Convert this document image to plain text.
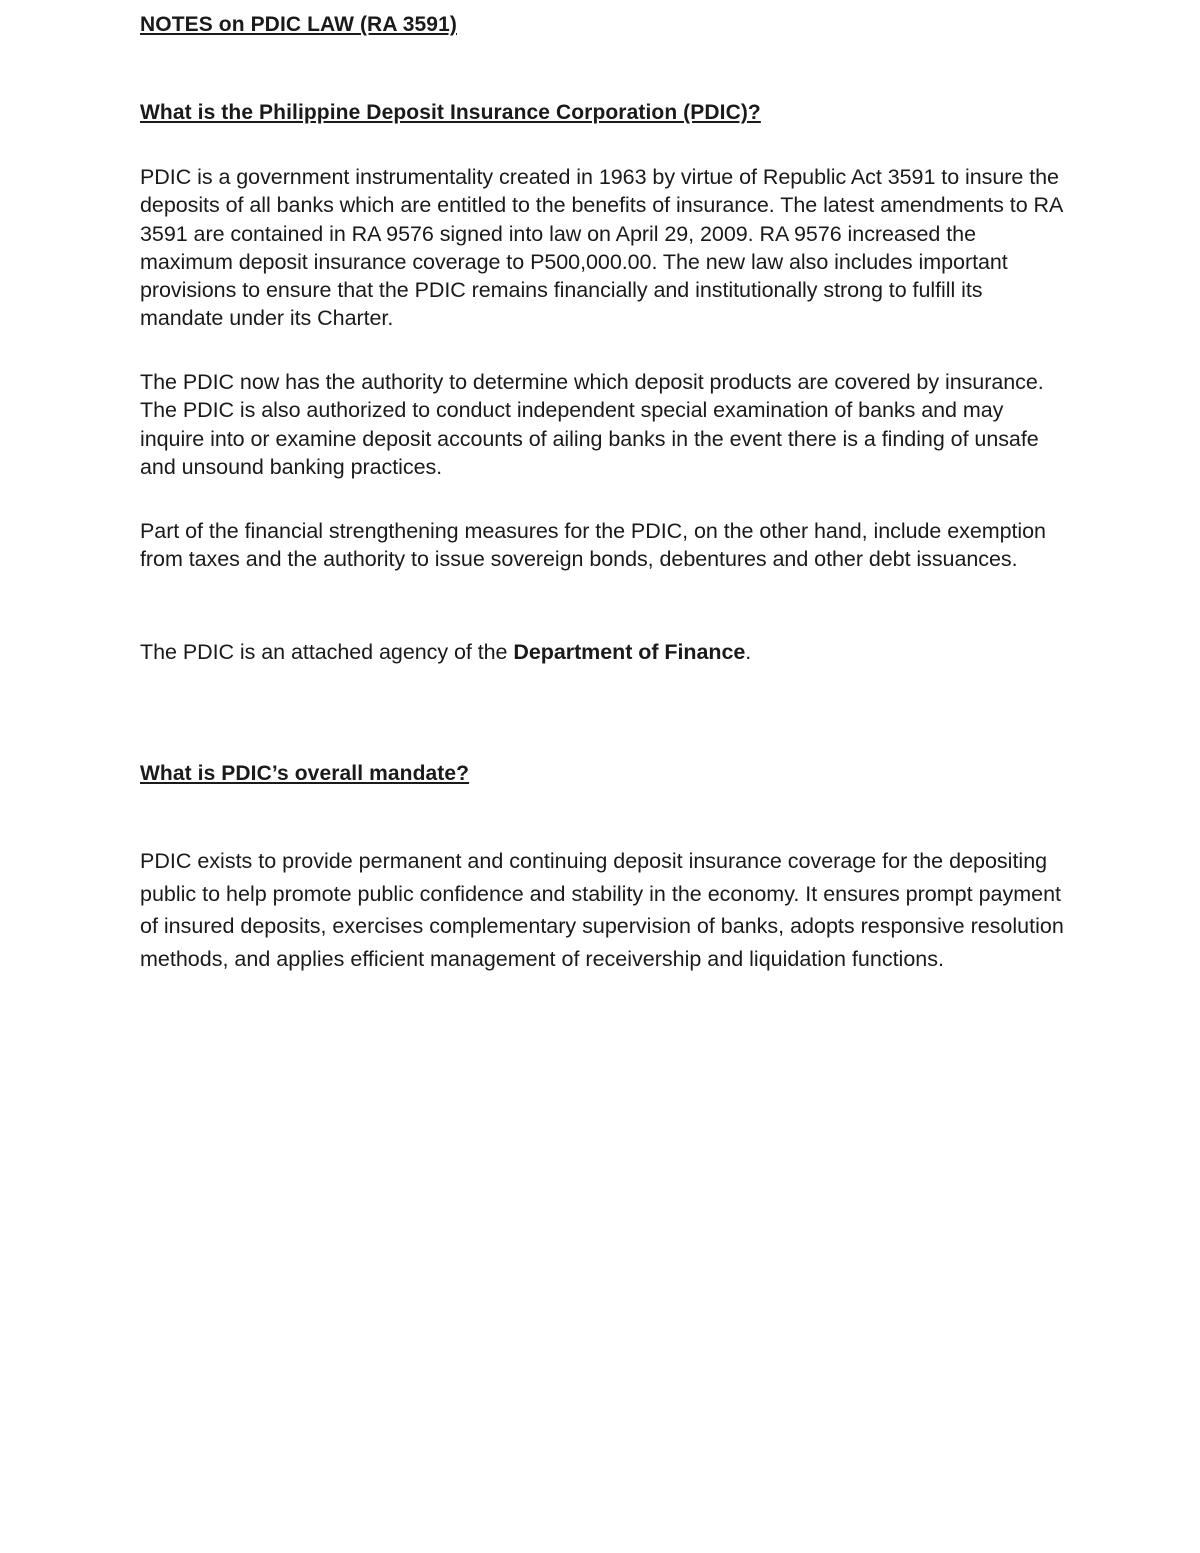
NOTES on PDIC LAW (RA 3591)
What is the Philippine Deposit Insurance Corporation (PDIC)?

PDIC is a government instrumentality created in 1963 by virtue of Republic Act 3591 to insure the deposits of all banks which are entitled to the benefits of insurance. The latest amendments to RA 3591 are contained in RA 9576 signed into law on April 29, 2009. RA 9576 increased the maximum deposit insurance coverage to P500,000.00. The new law also includes important provisions to ensure that the PDIC remains financially and institutionally strong to fulfill its mandate under its Charter.

The PDIC now has the authority to determine which deposit products are covered by insurance. The PDIC is also authorized to conduct independent special examination of banks and may inquire into or examine deposit accounts of ailing banks in the event there is a finding of unsafe and unsound banking practices.

Part of the financial strengthening measures for the PDIC, on the other hand, include exemption from taxes and the authority to issue sovereign bonds, debentures and other debt issuances.

The PDIC is an attached agency of the Department of Finance.

What is PDIC’s overall mandate?

PDIC exists to provide permanent and continuing deposit insurance coverage for the depositing public to help promote public confidence and stability in the economy. It ensures prompt payment of insured deposits, exercises complementary supervision of banks, adopts responsive resolution methods, and applies efficient management of receivership and liquidation functions.
